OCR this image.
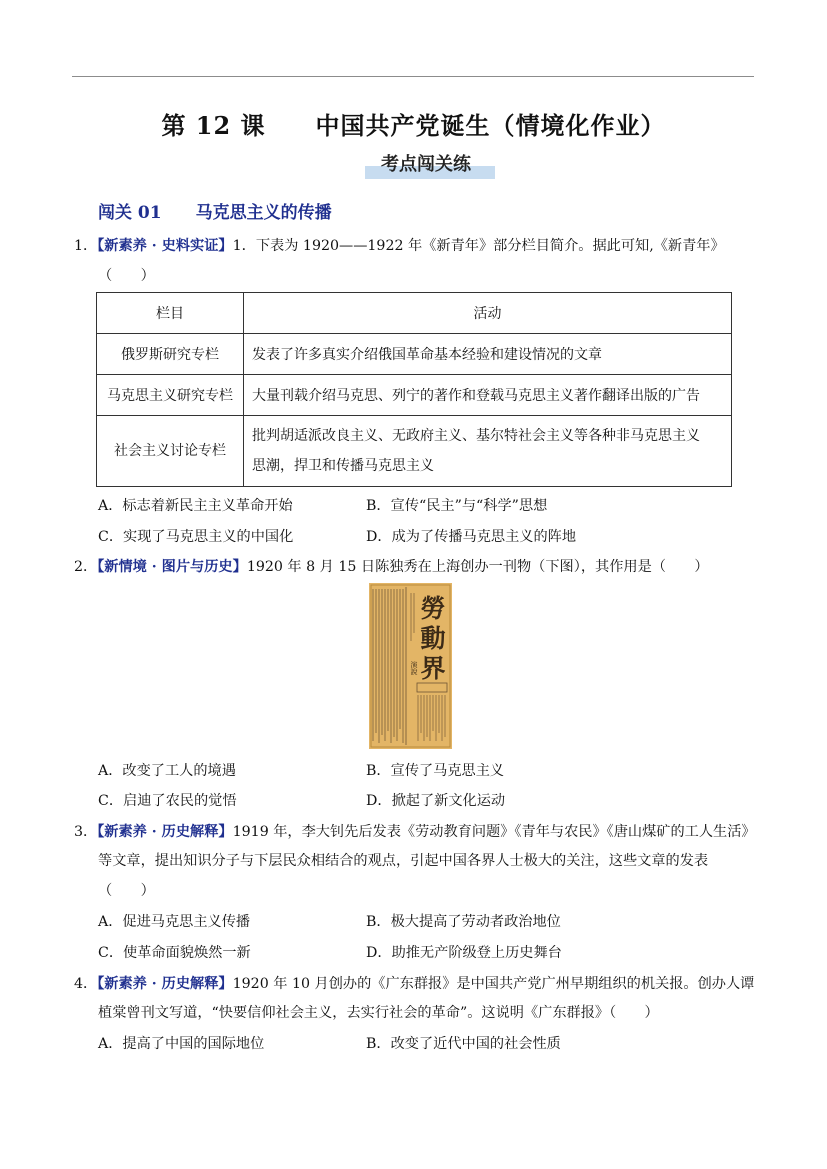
第 12 课　　中国共产党诞生（情境化作业）
考点闯关练
闯关 01　　马克思主义的传播
1．【新素养 · 史料实证】1．下表为 1920——1922 年《新青年》部分栏目简介。据此可知,《新青年》
（　　）
栏目	活动
俄罗斯研究专栏	发表了许多真实介绍俄国革命基本经验和建设情况的文章
马克思主义研究专栏	大量刊载介绍马克思、列宁的著作和登载马克思主义著作翻译出版的广告
社会主义讨论专栏	批判胡适派改良主义、无政府主义、基尔特社会主义等各种非马克思主义
思潮，捍卫和传播马克思主义
A．标志着新民主主义革命开始	B．宣传“民主”与“科学”思想
C．实现了马克思主义的中国化	D．成为了传播马克思主义的阵地
2．【新情境 · 图片与历史】1920 年 8 月 15 日陈独秀在上海创办一刊物（下图），其作用是（　　）
演說
勞
動
界
A．改变了工人的境遇	B．宣传了马克思主义
C．启迪了农民的觉悟	D．掀起了新文化运动
3．【新素养 · 历史解释】1919 年，李大钊先后发表《劳动教育问题》《青年与农民》《唐山煤矿的工人生活》
等文章，提出知识分子与下层民众相结合的观点，引起中国各界人士极大的关注，这些文章的发表
（　　）
A．促进马克思主义传播	B．极大提高了劳动者政治地位
C．使革命面貌焕然一新	D．助推无产阶级登上历史舞台
4．【新素养 · 历史解释】1920 年 10 月创办的《广东群报》是中国共产党广州早期组织的机关报。创办人谭
植棠曾刊文写道，“快要信仰社会主义，去实行社会的革命”。这说明《广东群报》（　　）
A．提高了中国的国际地位	B．改变了近代中国的社会性质
